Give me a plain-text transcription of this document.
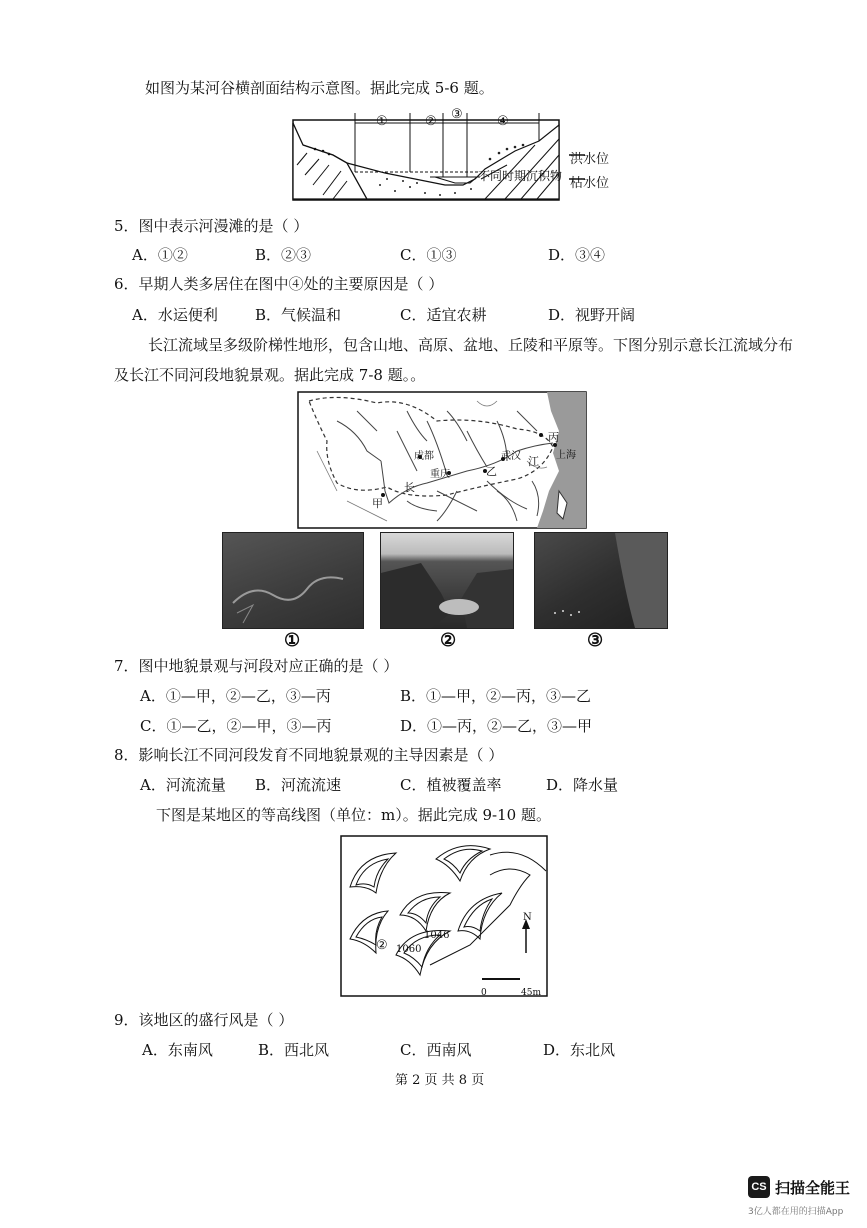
如图为某河谷横剖面结构示意图。据此完成 5-6 题。
①	② ③	④
洪水位
枯水位
不同时期沉积物
5．图中表示河漫滩的是（ ）
A．①②	B．②③	C．①③	D．③④
6．早期人类多居住在图中④处的主要原因是（ ）
A．水运便利 B．气候温和	C．适宜农耕	D．视野开阔
长江流域呈多级阶梯性地形，包含山地、高原、盆地、丘陵和平原等。下图分别示意长江流域分布
及长江不同河段地貌景观。据此完成 7-8 题。。
成都
重庆
武汉	上海
甲
乙
丙
长
江
①	②	③
7．图中地貌景观与河段对应正确的是（ ）
A．①—甲，②—乙，③—丙	B．①—甲，②—丙，③—乙
C．①—乙，②—甲，③—丙	D．①—丙，②—乙，③—甲
8．影响长江不同河段发育不同地貌景观的主导因素是（ ）
A．河流流量 B．河流流速	C．植被覆盖率	D．降水量
下图是某地区的等高线图（单位：m）。据此完成 9-10 题。
② 1060
1046
N
0	45m
9．该地区的盛行风是（ ）
A．东南风	B．西北风	C．西南风	D．东北风
第 2 页 共 8 页
CS 扫描全能王
3亿人都在用的扫描App
